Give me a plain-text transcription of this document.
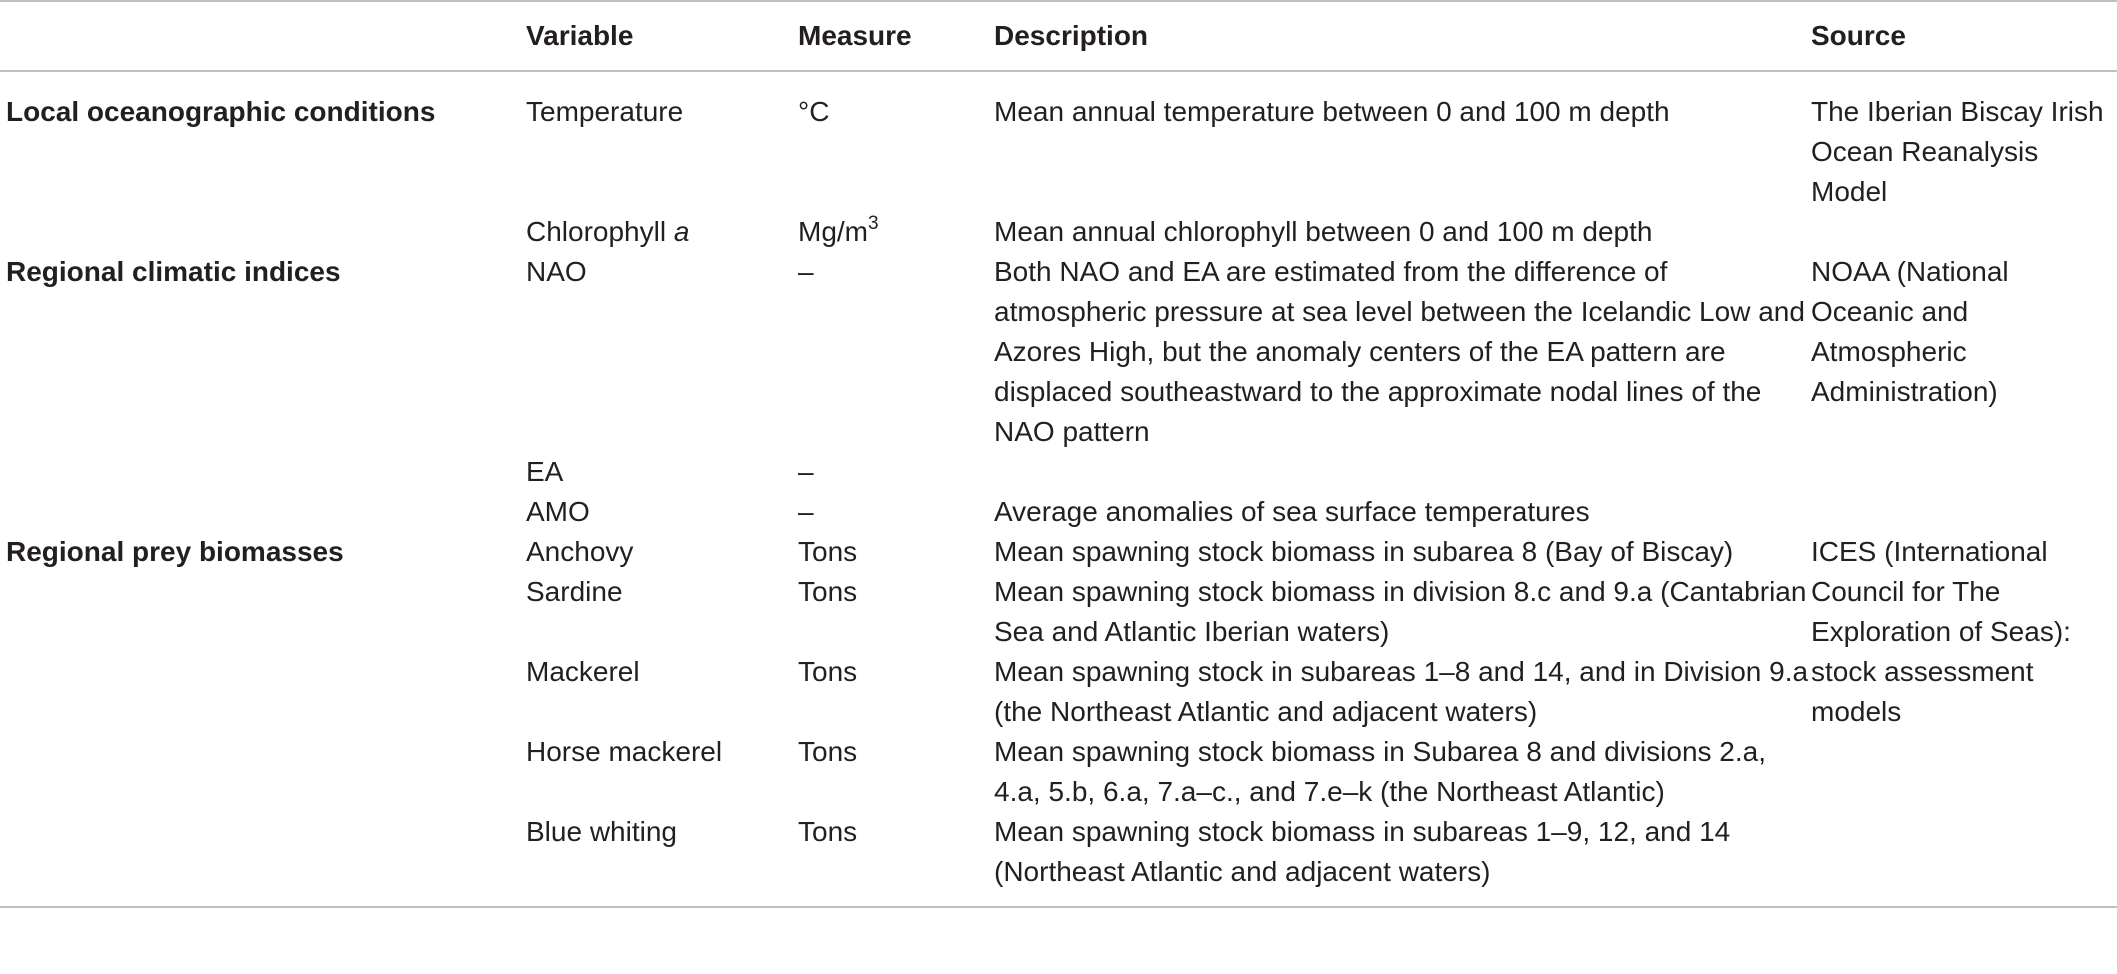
	Variable	Measure	Description	Source
Local oceanographic conditions	Temperature	°C	Mean annual temperature between 0 and 100 m depth	The Iberian Biscay Irish Ocean Reanalysis Model
	Chlorophyll a	$Mg/m^3$	Mean annual chlorophyll between 0 and 100 m depth	
Regional climatic indices	NAO	–	Both NAO and EA are estimated from the difference of atmospheric pressure at sea level between the Icelandic Low and Azores High, but the anomaly centers of the EA pattern are displaced southeastward to the approximate nodal lines of the NAO pattern	NOAA (National Oceanic and Atmospheric Administration)
	EA	–		
	AMO	–	Average anomalies of sea surface temperatures	
Regional prey biomasses	Anchovy	Tons	Mean spawning stock biomass in subarea 8 (Bay of Biscay)	ICES (International Council for The Exploration of Seas): stock assessment models
	Sardine	Tons	Mean spawning stock biomass in division 8.c and 9.a (Cantabrian Sea and Atlantic Iberian waters)	
	Mackerel	Tons	Mean spawning stock in subareas 1–8 and 14, and in Division 9.a (the Northeast Atlantic and adjacent waters)	
	Horse mackerel	Tons	Mean spawning stock biomass in Subarea 8 and divisions 2.a, 4.a, 5.b, 6.a, 7.a–c., and 7.e–k (the Northeast Atlantic)	
	Blue whiting	Tons	Mean spawning stock biomass in subareas 1–9, 12, and 14 (Northeast Atlantic and adjacent waters)	
